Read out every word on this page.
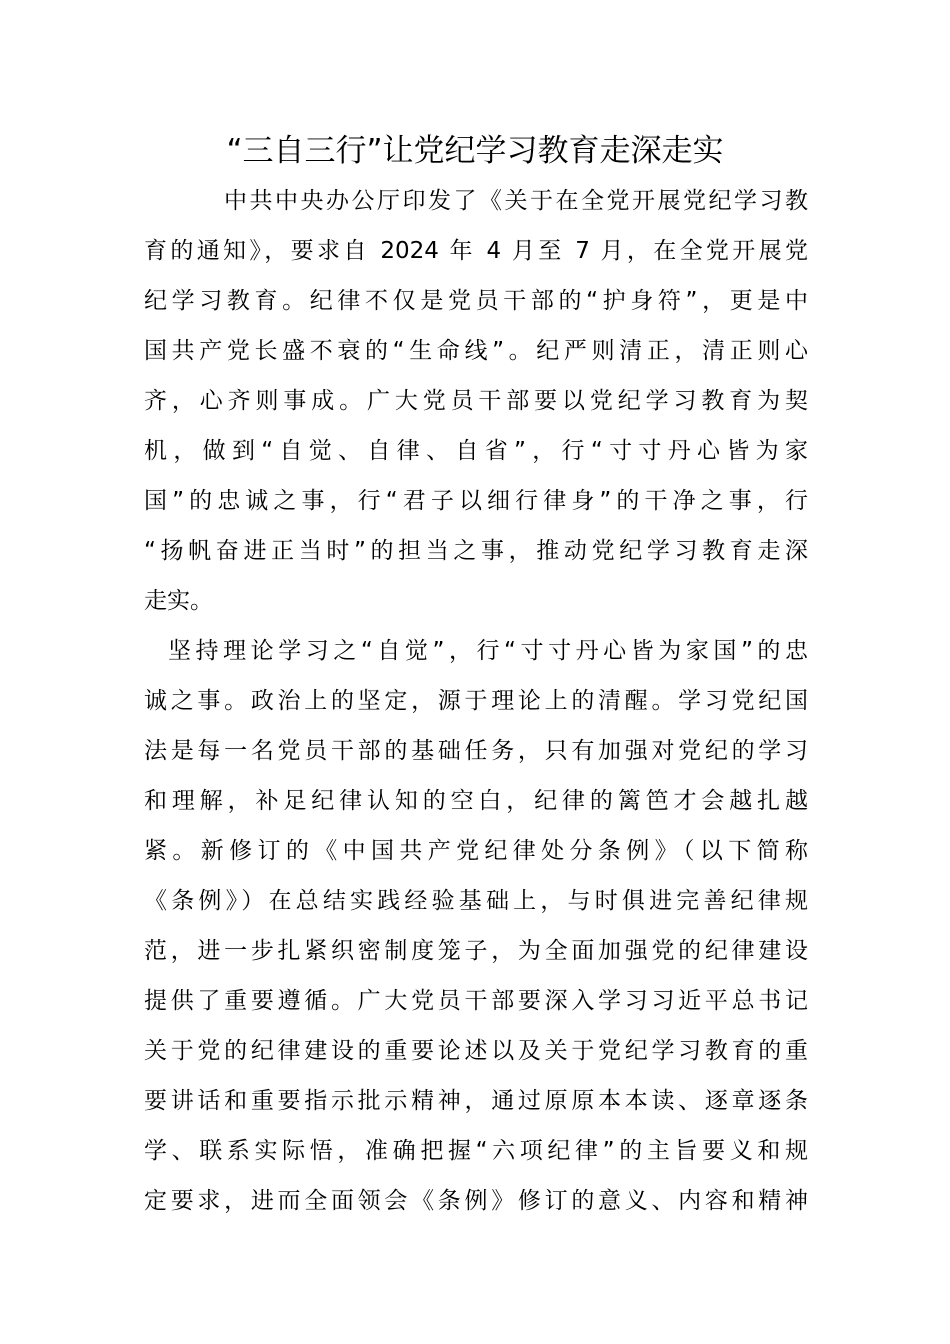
“三自三行”让党纪学习教育走深走实
中共中央办公厅印发了《关于在全党开展党纪学习教
育的通知》，要求自 2024 年 4 月至 7 月，在全党开展党
纪学习教育。纪律不仅是党员干部的“护身符”，更是中
国共产党长盛不衰的“生命线”。纪严则清正，清正则心
齐，心齐则事成。广大党员干部要以党纪学习教育为契
机，做到“自觉、自律、自省”，行“寸寸丹心皆为家
国”的忠诚之事，行“君子以细行律身”的干净之事，行
“扬帆奋进正当时”的担当之事，推动党纪学习教育走深
走实。
坚持理论学习之“自觉”，行“寸寸丹心皆为家国”的忠
诚之事。政治上的坚定，源于理论上的清醒。学习党纪国
法是每一名党员干部的基础任务，只有加强对党纪的学习
和理解，补足纪律认知的空白，纪律的篱笆才会越扎越
紧。新修订的《中国共产党纪律处分条例》（以下简称
《条例》）在总结实践经验基础上，与时俱进完善纪律规
范，进一步扎紧织密制度笼子，为全面加强党的纪律建设
提供了重要遵循。广大党员干部要深入学习习近平总书记
关于党的纪律建设的重要论述以及关于党纪学习教育的重
要讲话和重要指示批示精神，通过原原本本读、逐章逐条
学、联系实际悟，准确把握“六项纪律”的主旨要义和规
定要求，进而全面领会《条例》修订的意义、内容和精神
